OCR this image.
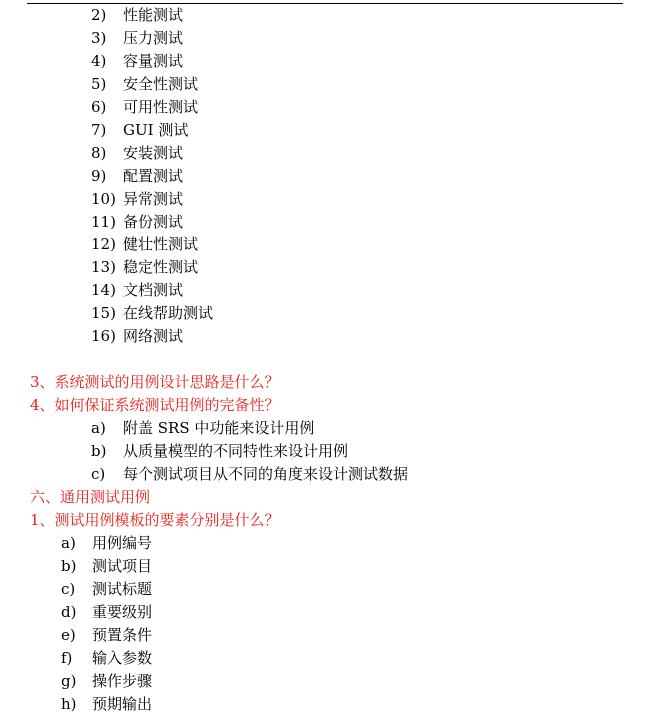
2) 性能测试
3) 压力测试
4) 容量测试
5) 安全性测试
6) 可用性测试
7) GUI 测试
8) 安装测试
9) 配置测试
10) 异常测试
11) 备份测试
12) 健壮性测试
13) 稳定性测试
14) 文档测试
15) 在线帮助测试
16) 网络测试
3、系统测试的用例设计思路是什么？
4、如何保证系统测试用例的完备性？
a) 附盖 SRS 中功能来设计用例
b) 从质量模型的不同特性来设计用例
c) 每个测试项目从不同的角度来设计测试数据
六、通用测试用例
1、测试用例模板的要素分别是什么？
a) 用例编号
b) 测试项目
c) 测试标题
d) 重要级别
e) 预置条件
f) 输入参数
g) 操作步骤
h) 预期输出
